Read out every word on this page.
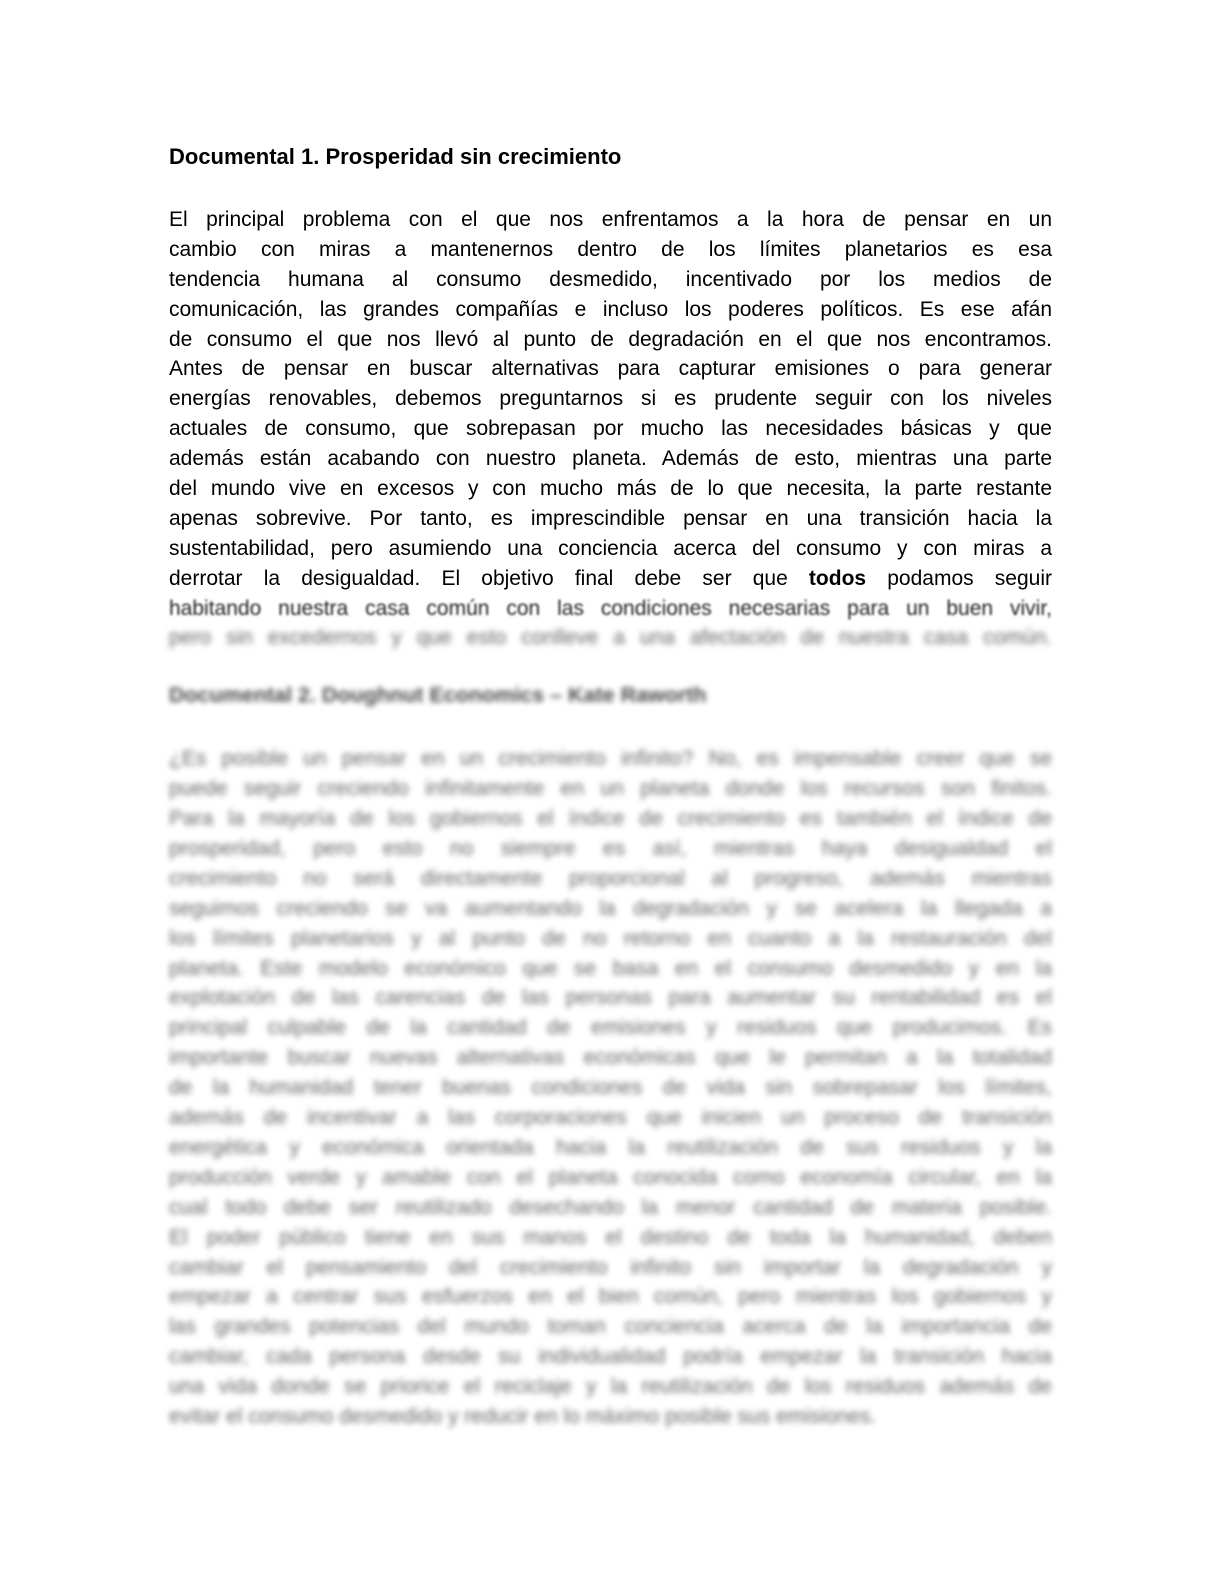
Documental 1. Prosperidad sin crecimiento
El principal problema con el que nos enfrentamos a la hora de pensar en un
cambio con miras a mantenernos dentro de los límites planetarios es esa
tendencia humana al consumo desmedido, incentivado por los medios de
comunicación, las grandes compañías e incluso los poderes políticos. Es ese afán
de consumo el que nos llevó al punto de degradación en el que nos encontramos.
Antes de pensar en buscar alternativas para capturar emisiones o para generar
energías renovables, debemos preguntarnos si es prudente seguir con los niveles
actuales de consumo, que sobrepasan por mucho las necesidades básicas y que
además están acabando con nuestro planeta. Además de esto, mientras una parte
del mundo vive en excesos y con mucho más de lo que necesita, la parte restante
apenas sobrevive. Por tanto, es imprescindible pensar en una transición hacia la
sustentabilidad, pero asumiendo una conciencia acerca del consumo y con miras a
derrotar la desigualdad. El objetivo final debe ser que todos podamos seguir
habitando nuestra casa común con las condiciones necesarias para un buen vivir,
pero sin excedernos y que esto conlleve a una afectación de nuestra casa común.
Documental 2. Doughnut Economics – Kate Raworth
¿Es posible un pensar en un crecimiento infinito? No, es impensable creer que se
puede seguir creciendo infinitamente en un planeta donde los recursos son finitos.
Para la mayoría de los gobiernos el índice de crecimiento es también el índice de
prosperidad, pero esto no siempre es así, mientras haya desigualdad el
crecimiento no será directamente proporcional al progreso, además mientras
seguimos creciendo se va aumentando la degradación y se acelera la llegada a
los límites planetarios y al punto de no retorno en cuanto a la restauración del
planeta. Este modelo económico que se basa en el consumo desmedido y en la
explotación de las carencias de las personas para aumentar su rentabilidad es el
principal culpable de la cantidad de emisiones y residuos que producimos. Es
importante buscar nuevas alternativas económicas que le permitan a la totalidad
de la humanidad tener buenas condiciones de vida sin sobrepasar los límites,
además de incentivar a las corporaciones que inicien un proceso de transición
energética y económica orientada hacia la reutilización de sus residuos y la
producción verde y amable con el planeta conocida como economía circular, en la
cual todo debe ser reutilizado desechando la menor cantidad de materia posible.
El poder público tiene en sus manos el destino de toda la humanidad, deben
cambiar el pensamiento del crecimiento infinito sin importar la degradación y
empezar a centrar sus esfuerzos en el bien común, pero mientras los gobiernos y
las grandes potencias del mundo toman conciencia acerca de la importancia de
cambiar, cada persona desde su individualidad podría empezar la transición hacia
una vida donde se priorice el reciclaje y la reutilización de los residuos además de
evitar el consumo desmedido y reducir en lo máximo posible sus emisiones.
